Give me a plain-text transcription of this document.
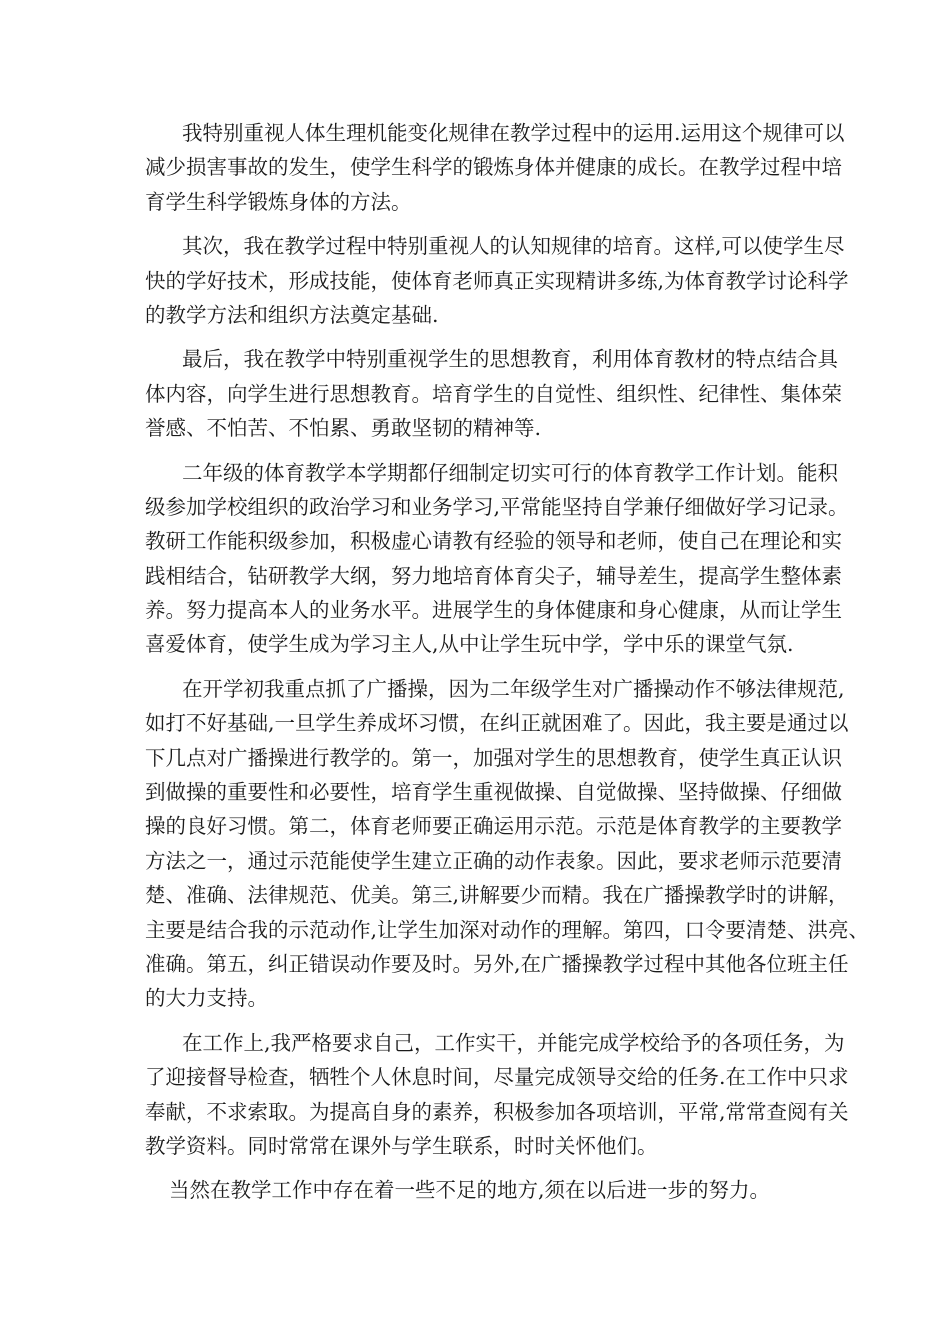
我特别重视人体生理机能变化规律在教学过程中的运用.运用这个规律可以
减少损害事故的发生，使学生科学的锻炼身体并健康的成长。在教学过程中培
育学生科学锻炼身体的方法。
其次，我在教学过程中特别重视人的认知规律的培育。这样,可以使学生尽
快的学好技术，形成技能，使体育老师真正实现精讲多练,为体育教学讨论科学
的教学方法和组织方法奠定基础.
最后，我在教学中特别重视学生的思想教育，利用体育教材的特点结合具
体内容，向学生进行思想教育。培育学生的自觉性、组织性、纪律性、集体荣
誉感、不怕苦、不怕累、勇敢坚韧的精神等.
二年级的体育教学本学期都仔细制定切实可行的体育教学工作计划。能积
级参加学校组织的政治学习和业务学习,平常能坚持自学兼仔细做好学习记录。
教研工作能积级参加，积极虚心请教有经验的领导和老师，使自己在理论和实
践相结合，钻研教学大纲，努力地培育体育尖子，辅导差生，提高学生整体素
养。努力提高本人的业务水平。进展学生的身体健康和身心健康，从而让学生
喜爱体育，使学生成为学习主人,从中让学生玩中学，学中乐的课堂气氛.
在开学初我重点抓了广播操，因为二年级学生对广播操动作不够法律规范,
如打不好基础,一旦学生养成坏习惯，在纠正就困难了。因此，我主要是通过以
下几点对广播操进行教学的。第一，加强对学生的思想教育，使学生真正认识
到做操的重要性和必要性，培育学生重视做操、自觉做操、坚持做操、仔细做
操的良好习惯。第二，体育老师要正确运用示范。示范是体育教学的主要教学
方法之一，通过示范能使学生建立正确的动作表象。因此，要求老师示范要清
楚、准确、法律规范、优美。第三,讲解要少而精。我在广播操教学时的讲解，
主要是结合我的示范动作,让学生加深对动作的理解。第四，口令要清楚、洪亮、
准确。第五，纠正错误动作要及时。另外,在广播操教学过程中其他各位班主任
的大力支持。
在工作上,我严格要求自己，工作实干，并能完成学校给予的各项任务，为
了迎接督导检查，牺牲个人休息时间，尽量完成领导交给的任务.在工作中只求
奉献，不求索取。为提高自身的素养，积极参加各项培训，平常,常常查阅有关
教学资料。同时常常在课外与学生联系，时时关怀他们。
当然在教学工作中存在着一些不足的地方,须在以后进一步的努力。
